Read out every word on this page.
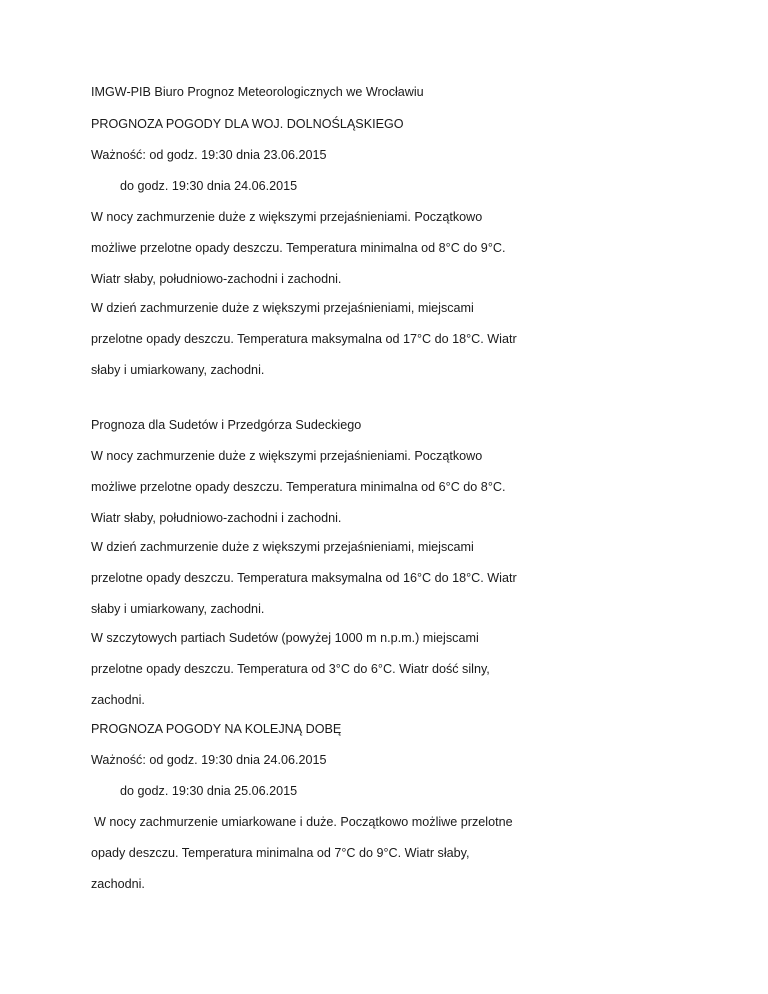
IMGW-PIB Biuro Prognoz Meteorologicznych we Wrocławiu

PROGNOZA POGODY DLA WOJ. DOLNOŚLĄSKIEGO

Ważność: od godz. 19:30 dnia 23.06.2015

do godz. 19:30 dnia 24.06.2015

W nocy zachmurzenie duże z większymi przejaśnieniami. Początkowo

możliwe przelotne opady deszczu. Temperatura minimalna od 8°C do 9°C.

Wiatr słaby, południowo-zachodni i zachodni.

W dzień zachmurzenie duże z większymi przejaśnieniami, miejscami

przelotne opady deszczu. Temperatura maksymalna od 17°C do 18°C. Wiatr

słaby i umiarkowany, zachodni.

Prognoza dla Sudetów i Przedgórza Sudeckiego

W nocy zachmurzenie duże z większymi przejaśnieniami. Początkowo

możliwe przelotne opady deszczu. Temperatura minimalna od 6°C do 8°C.

Wiatr słaby, południowo-zachodni i zachodni.

W dzień zachmurzenie duże z większymi przejaśnieniami, miejscami

przelotne opady deszczu. Temperatura maksymalna od 16°C do 18°C. Wiatr

słaby i umiarkowany, zachodni.

W szczytowych partiach Sudetów (powyżej 1000 m n.p.m.) miejscami

przelotne opady deszczu. Temperatura od 3°C do 6°C. Wiatr dość silny,

zachodni.

PROGNOZA POGODY NA KOLEJNĄ DOBĘ

Ważność: od godz. 19:30 dnia 24.06.2015

do godz. 19:30 dnia 25.06.2015

W nocy zachmurzenie umiarkowane i duże. Początkowo możliwe przelotne

opady deszczu. Temperatura minimalna od 7°C do 9°C. Wiatr słaby,

zachodni.
